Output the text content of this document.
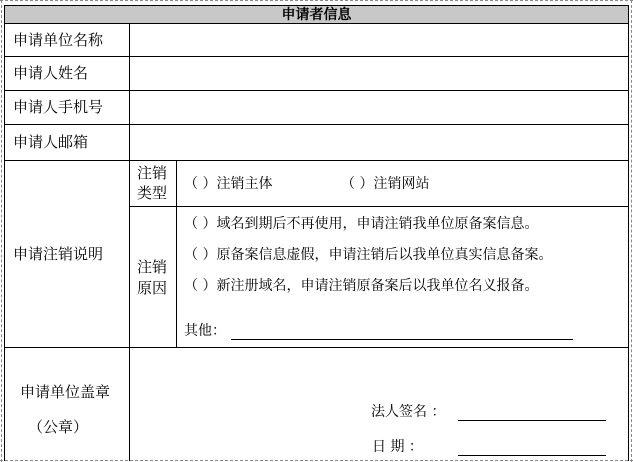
申请者信息
申请单位名称
申请人姓名
申请人手机号
申请人邮箱
申请注销说明
注销
类型 （ ）注销主体	（ ）注销网站
注销
原因
（ ）域名到期后不再使用，申请注销我单位原备案信息。
（ ）原备案信息虚假，申请注销后以我单位真实信息备案。
（ ）新注册域名，申请注销原备案后以我单位名义报备。
其他：
申请单位盖章
（公章）
法人签名 ：
日 期 ：
